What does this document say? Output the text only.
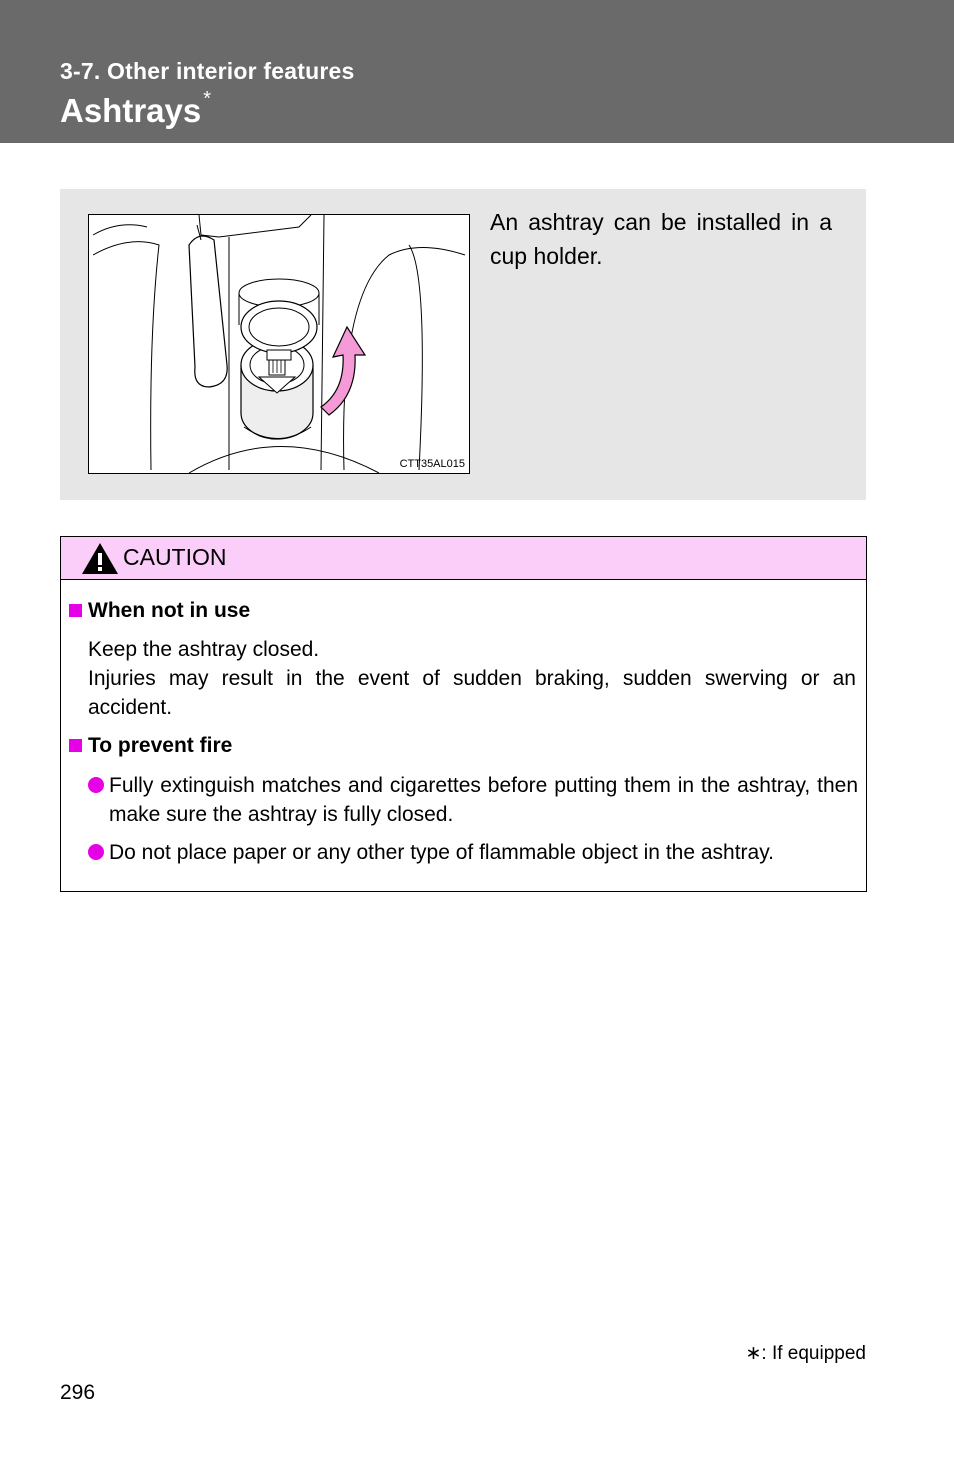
3-7. Other interior features
Ashtrays *
CTT35AL015
An ashtray can be installed in a cup holder.
CAUTION
When not in use
Keep the ashtray closed.
Injuries may result in the event of sudden braking, sudden swerving or an accident.
To prevent fire
Fully extinguish matches and cigarettes before putting them in the ashtray, then make sure the ashtray is fully closed.
Do not place paper or any other type of flammable object in the ashtray.
∗: If equipped
296
